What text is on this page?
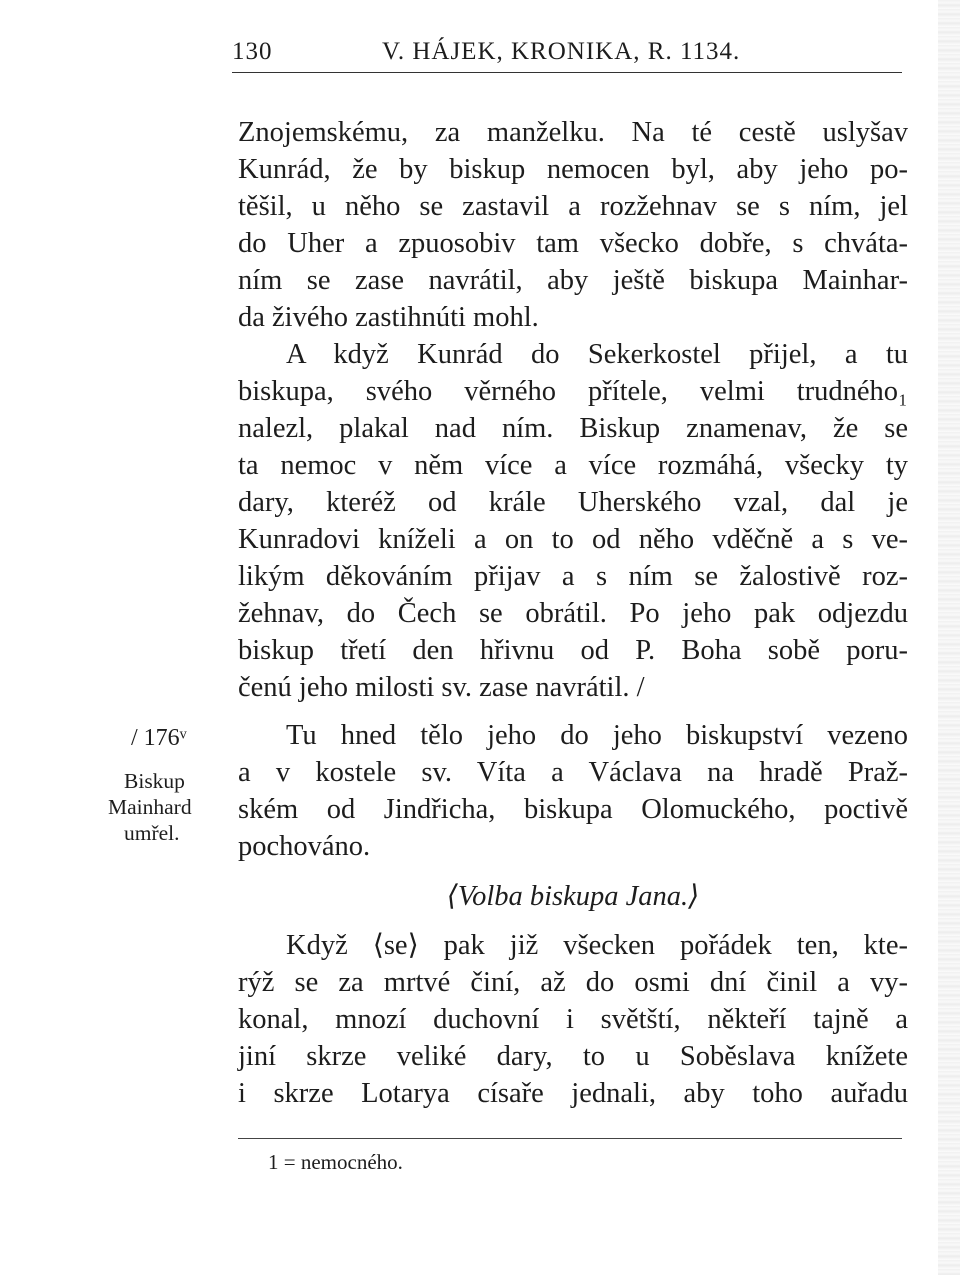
130	V. HÁJEK, KRONIKA, R. 1134.
Znojemskému, za manželku. Na té cestě uslyšav
Kunrád, že by biskup nemocen byl, aby jeho po-
těšil, u něho se zastavil a rozžehnav se s ním, jel
do Uher a zpuosobiv tam všecko dobře, s chváta-
ním se zase navrátil, aby ještě biskupa Mainhar-
da živého zastihnúti mohl.
A když Kunrád do Sekerkostel přijel, a tu
biskupa, svého věrného přítele, velmi trudného₁
nalezl, plakal nad ním. Biskup znamenav, že se
ta nemoc v něm více a více rozmáhá, všecky ty
dary, kteréž od krále Uherského vzal, dal je
Kunradovi kníželi a on to od něho vděčně a s ve-
likým děkováním přijav a s ním se žalostivě roz-
žehnav, do Čech se obrátil. Po jeho pak odjezdu
biskup třetí den hřivnu od P. Boha sobě poru-
čenú jeho milosti sv. zase navrátil. /
Tu hned tělo jeho do jeho biskupství vezeno
a v kostele sv. Víta a Václava na hradě Praž-
ském od Jindřicha, biskupa Olomuckého, poctivě
pochováno.
⟨Volba biskupa Jana.⟩
Když ⟨se⟩ pak již všecken pořádek ten, kte-
rýž se za mrtvé činí, až do osmi dní činil a vy-
konal, mnozí duchovní i světští, někteří tajně a
jiní skrze veliké dary, to u Soběslava knížete
i skrze Lotarya císaře jednali, aby toho auřadu
/ 176ᵛ
Biskup
Mainhard
umřel.
1 = nemocného.
